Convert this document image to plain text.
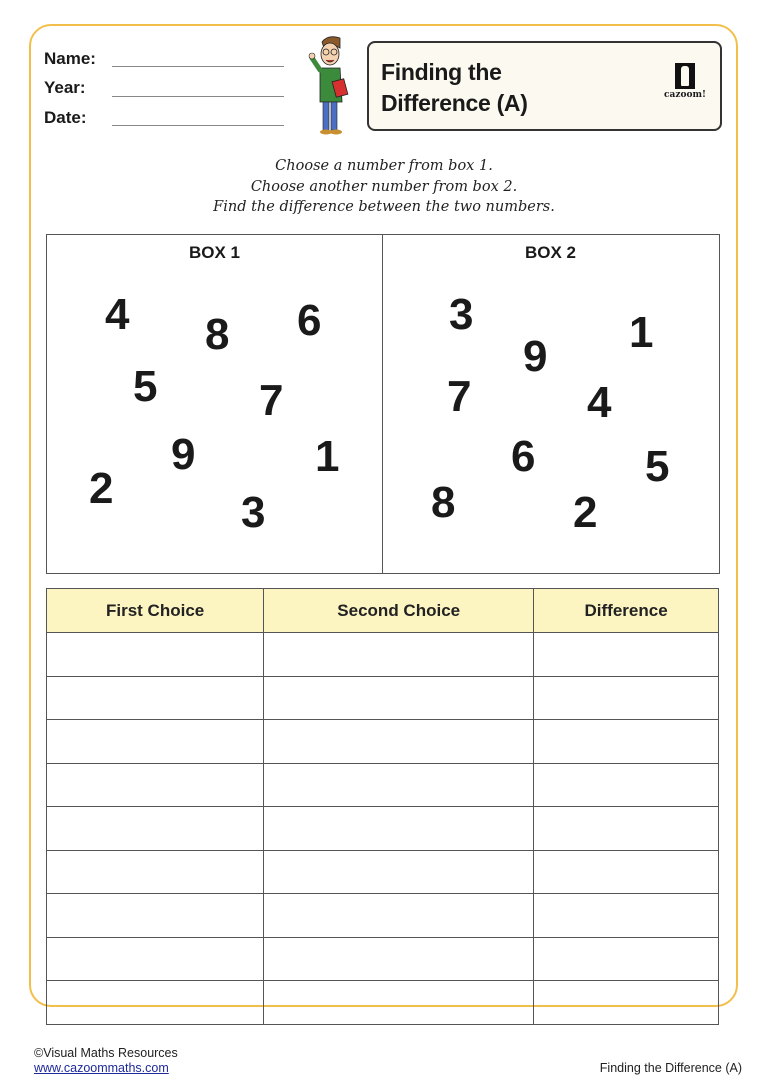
Name:
Year:
Date:
Finding the
Difference (A)	cazoom!
Choose a number from box 1.
Choose another number from box 2.
Find the difference between the two numbers.
BOX 1	BOX 2
4 8 6
5 7
9	1
2	3
3	1
9
7	4
6 5
8	2
First Choice	Second Choice	Difference

©Visual Maths Resources
www.cazoommaths.com	Finding the Difference (A)
